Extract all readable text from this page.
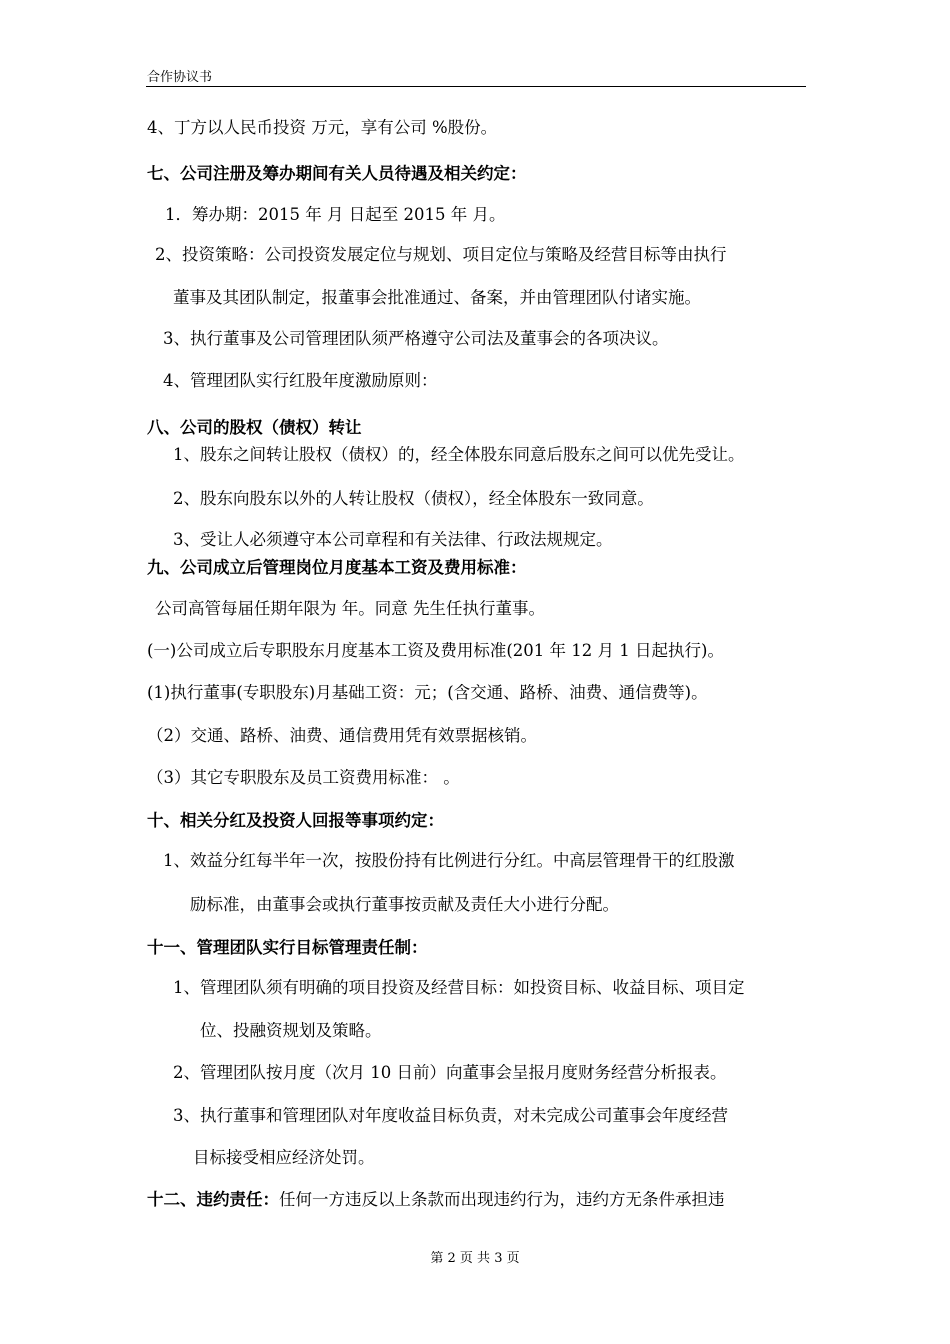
合作协议书
4、丁方以人民币投资 万元，享有公司 %股份。
七、公司注册及筹办期间有关人员待遇及相关约定：
1．筹办期：2015 年 月 日起至 2015 年 月。
2、投资策略：公司投资发展定位与规划、项目定位与策略及经营目标等由执行
董事及其团队制定，报董事会批准通过、备案，并由管理团队付诸实施。
3、执行董事及公司管理团队须严格遵守公司法及董事会的各项决议。
4、管理团队实行红股年度激励原则：
八、公司的股权（债权）转让
1、股东之间转让股权（债权）的，经全体股东同意后股东之间可以优先受让。
2、股东向股东以外的人转让股权（债权），经全体股东一致同意。
3、受让人必须遵守本公司章程和有关法律、行政法规规定。
九、公司成立后管理岗位月度基本工资及费用标准：
公司高管每届任期年限为 年。同意 先生任执行董事。
(一)公司成立后专职股东月度基本工资及费用标准(201 年 12 月 1 日起执行)。
(1)执行董事(专职股东)月基础工资：元；(含交通、路桥、油费、通信费等)。
（2）交通、路桥、油费、通信费用凭有效票据核销。
（3）其它专职股东及员工资费用标准： 。
十、相关分红及投资人回报等事项约定：
1、效益分红每半年一次，按股份持有比例进行分红。中高层管理骨干的红股激
励标准，由董事会或执行董事按贡献及责任大小进行分配。
十一、管理团队实行目标管理责任制：
1、管理团队须有明确的项目投资及经营目标：如投资目标、收益目标、项目定
位、投融资规划及策略。
2、管理团队按月度（次月 10 日前）向董事会呈报月度财务经营分析报表。
3、执行董事和管理团队对年度收益目标负责，对未完成公司董事会年度经营
目标接受相应经济处罚。
十二、违约责任：任何一方违反以上条款而出现违约行为，违约方无条件承担违
第 2 页 共 3 页
